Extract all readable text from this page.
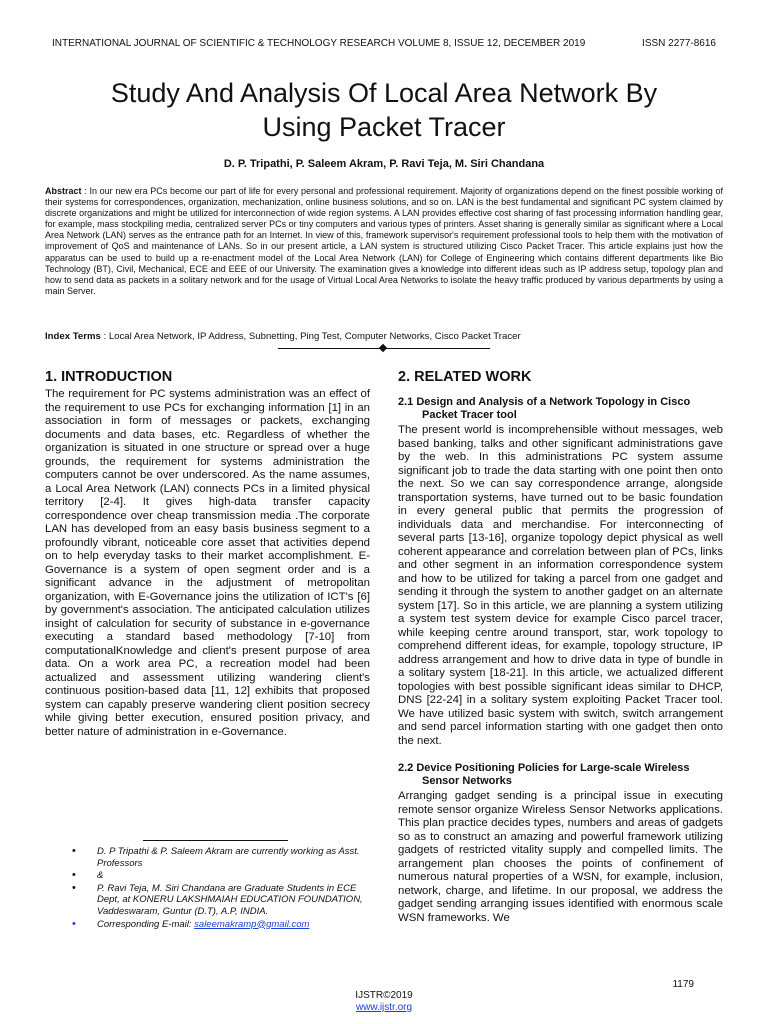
INTERNATIONAL JOURNAL OF SCIENTIFIC & TECHNOLOGY RESEARCH VOLUME 8, ISSUE 12, DECEMBER 2019	ISSN 2277-8616
Study And Analysis Of Local Area Network By
Using Packet Tracer
D. P. Tripathi, P. Saleem Akram, P. Ravi Teja, M. Siri Chandana
Abstract : In our new era PCs become our part of life for every personal and professional requirement. Majority of organizations depend on the finest possible working of their systems for correspondences, organization, mechanization, online business solutions, and so on. LAN is the best fundamental and significant PC system claimed by discrete organizations and might be utilized for interconnection of wide region systems. A LAN provides effective cost sharing of fast processing information handling gear, for example, mass stockpiling media, centralized server PCs or tiny computers and various types of printers. Asset sharing is generally similar as significant where a Local Area Network (LAN) serves as the entrance path for an Internet. In view of this, framework supervisor's requirement professional tools to help them with the motivation of improvement of QoS and maintenance of LANs. So in our present article, a LAN system is structured utilizing Cisco Packet Tracer. This article explains just how the apparatus can be used to build up a re-enactment model of the Local Area Network (LAN) for College of Engineering which contains different departments like Bio Technology (BT), Civil, Mechanical, ECE and EEE of our University. The examination gives a knowledge into different ideas such as IP address setup, topology plan and how to send data as packets in a solitary network and for the usage of Virtual Local Area Networks to isolate the heavy traffic produced by various departments by using a main Server.
Index Terms : Local Area Network, IP Address, Subnetting, Ping Test, Computer Networks, Cisco Packet Tracer
1. INTRODUCTION

The requirement for PC systems administration was an effect of the requirement to use PCs for exchanging information [1] in an association in form of messages or packets, exchanging documents and data bases, etc. Regardless of whether the organization is situated in one structure or spread over a huge grounds, the requirement for systems administration the computers cannot be over underscored. As the name assumes, a Local Area Network (LAN) connects PCs in a limited physical territory [2-4]. It gives high-data transfer capacity correspondence over cheap transmission media .The corporate LAN has developed from an easy basis business segment to a profoundly vibrant, noticeable core asset that activities depend on to help everyday tasks to their market accomplishment. E-Governance is a system of open segment order and is a significant advance in the adjustment of metropolitan organization, with E-Governance joins the utilization of ICT's [6] by government's association. The anticipated calculation utilizes insight of calculation for security of substance in e-governance executing a standard based methodology [7-10] from computationalKnowledge and client's present purpose of area data. On a work area PC, a recreation model had been actualized and assessment utilizing wandering client's continuous position-based data [11, 12] exhibits that proposed system can capably preserve wandering client position secrecy while giving better execution, ensured position privacy, and better nature of administration in e-Governance.

2. RELATED WORK
2.1 Design and Analysis of a Network Topology in Cisco Packet Tracer tool

The present world is incomprehensible without messages, web based banking, talks and other significant administrations gave by the web. In this administrations PC system assume significant job to trade the data starting with one point then onto the next. So we can say correspondence arrange, alongside transportation systems, have turned out to be basic foundation in every general public that permits the progression of individuals data and merchandise. For interconnecting of several parts [13-16], organize topology depict physical as well coherent appearance and correlation between plan of PCs, links and other segment in an information correspondence system and how to be utilized for taking a parcel from one gadget and sending it through the system to another gadget on an alternate system [17]. So in this article, we are planning a system utilizing a system test system device for example Cisco parcel tracer, while keeping centre around transport, star, work topology to comprehend different ideas, for example, topology structure, IP address arrangement and how to drive data in type of bundle in a solitary system [18-21]. In this article, we actualized different topologies with best possible significant ideas similar to DHCP, DNS [22-24] in a solitary system exploiting Packet Tracer tool. We have utilized basic system with switch, switch arrangement and send parcel information starting with one gadget then onto the next.

2.2 Device Positioning Policies for Large-scale Wireless Sensor Networks

Arranging gadget sending is a principal issue in executing remote sensor organize Wireless Sensor Networks applications. This plan practice decides types, numbers and areas of gadgets so as to construct an amazing and powerful framework utilizing gadgets of restricted vitality supply and compelled limits. The arrangement plan chooses the points of confinement of numerous natural properties of a WSN, for example, inclusion, network, charge, and lifetime. In our proposal, we address the gadget sending arranging issues identified with enormous scale WSN frameworks. We

• D. P Tripathi & P. Saleem Akram are currently working as Asst. Professors
• &
• P. Ravi Teja, M. Siri Chandana are Graduate Students in ECE Dept, at KONERU LAKSHMAIAH EDUCATION FOUNDATION, Vaddeswaram, Guntur (D.T), A.P, INDIA.
• Corresponding E-mail: saleemakramp@gmail.com
1179
IJSTR©2019
www.ijstr.org
